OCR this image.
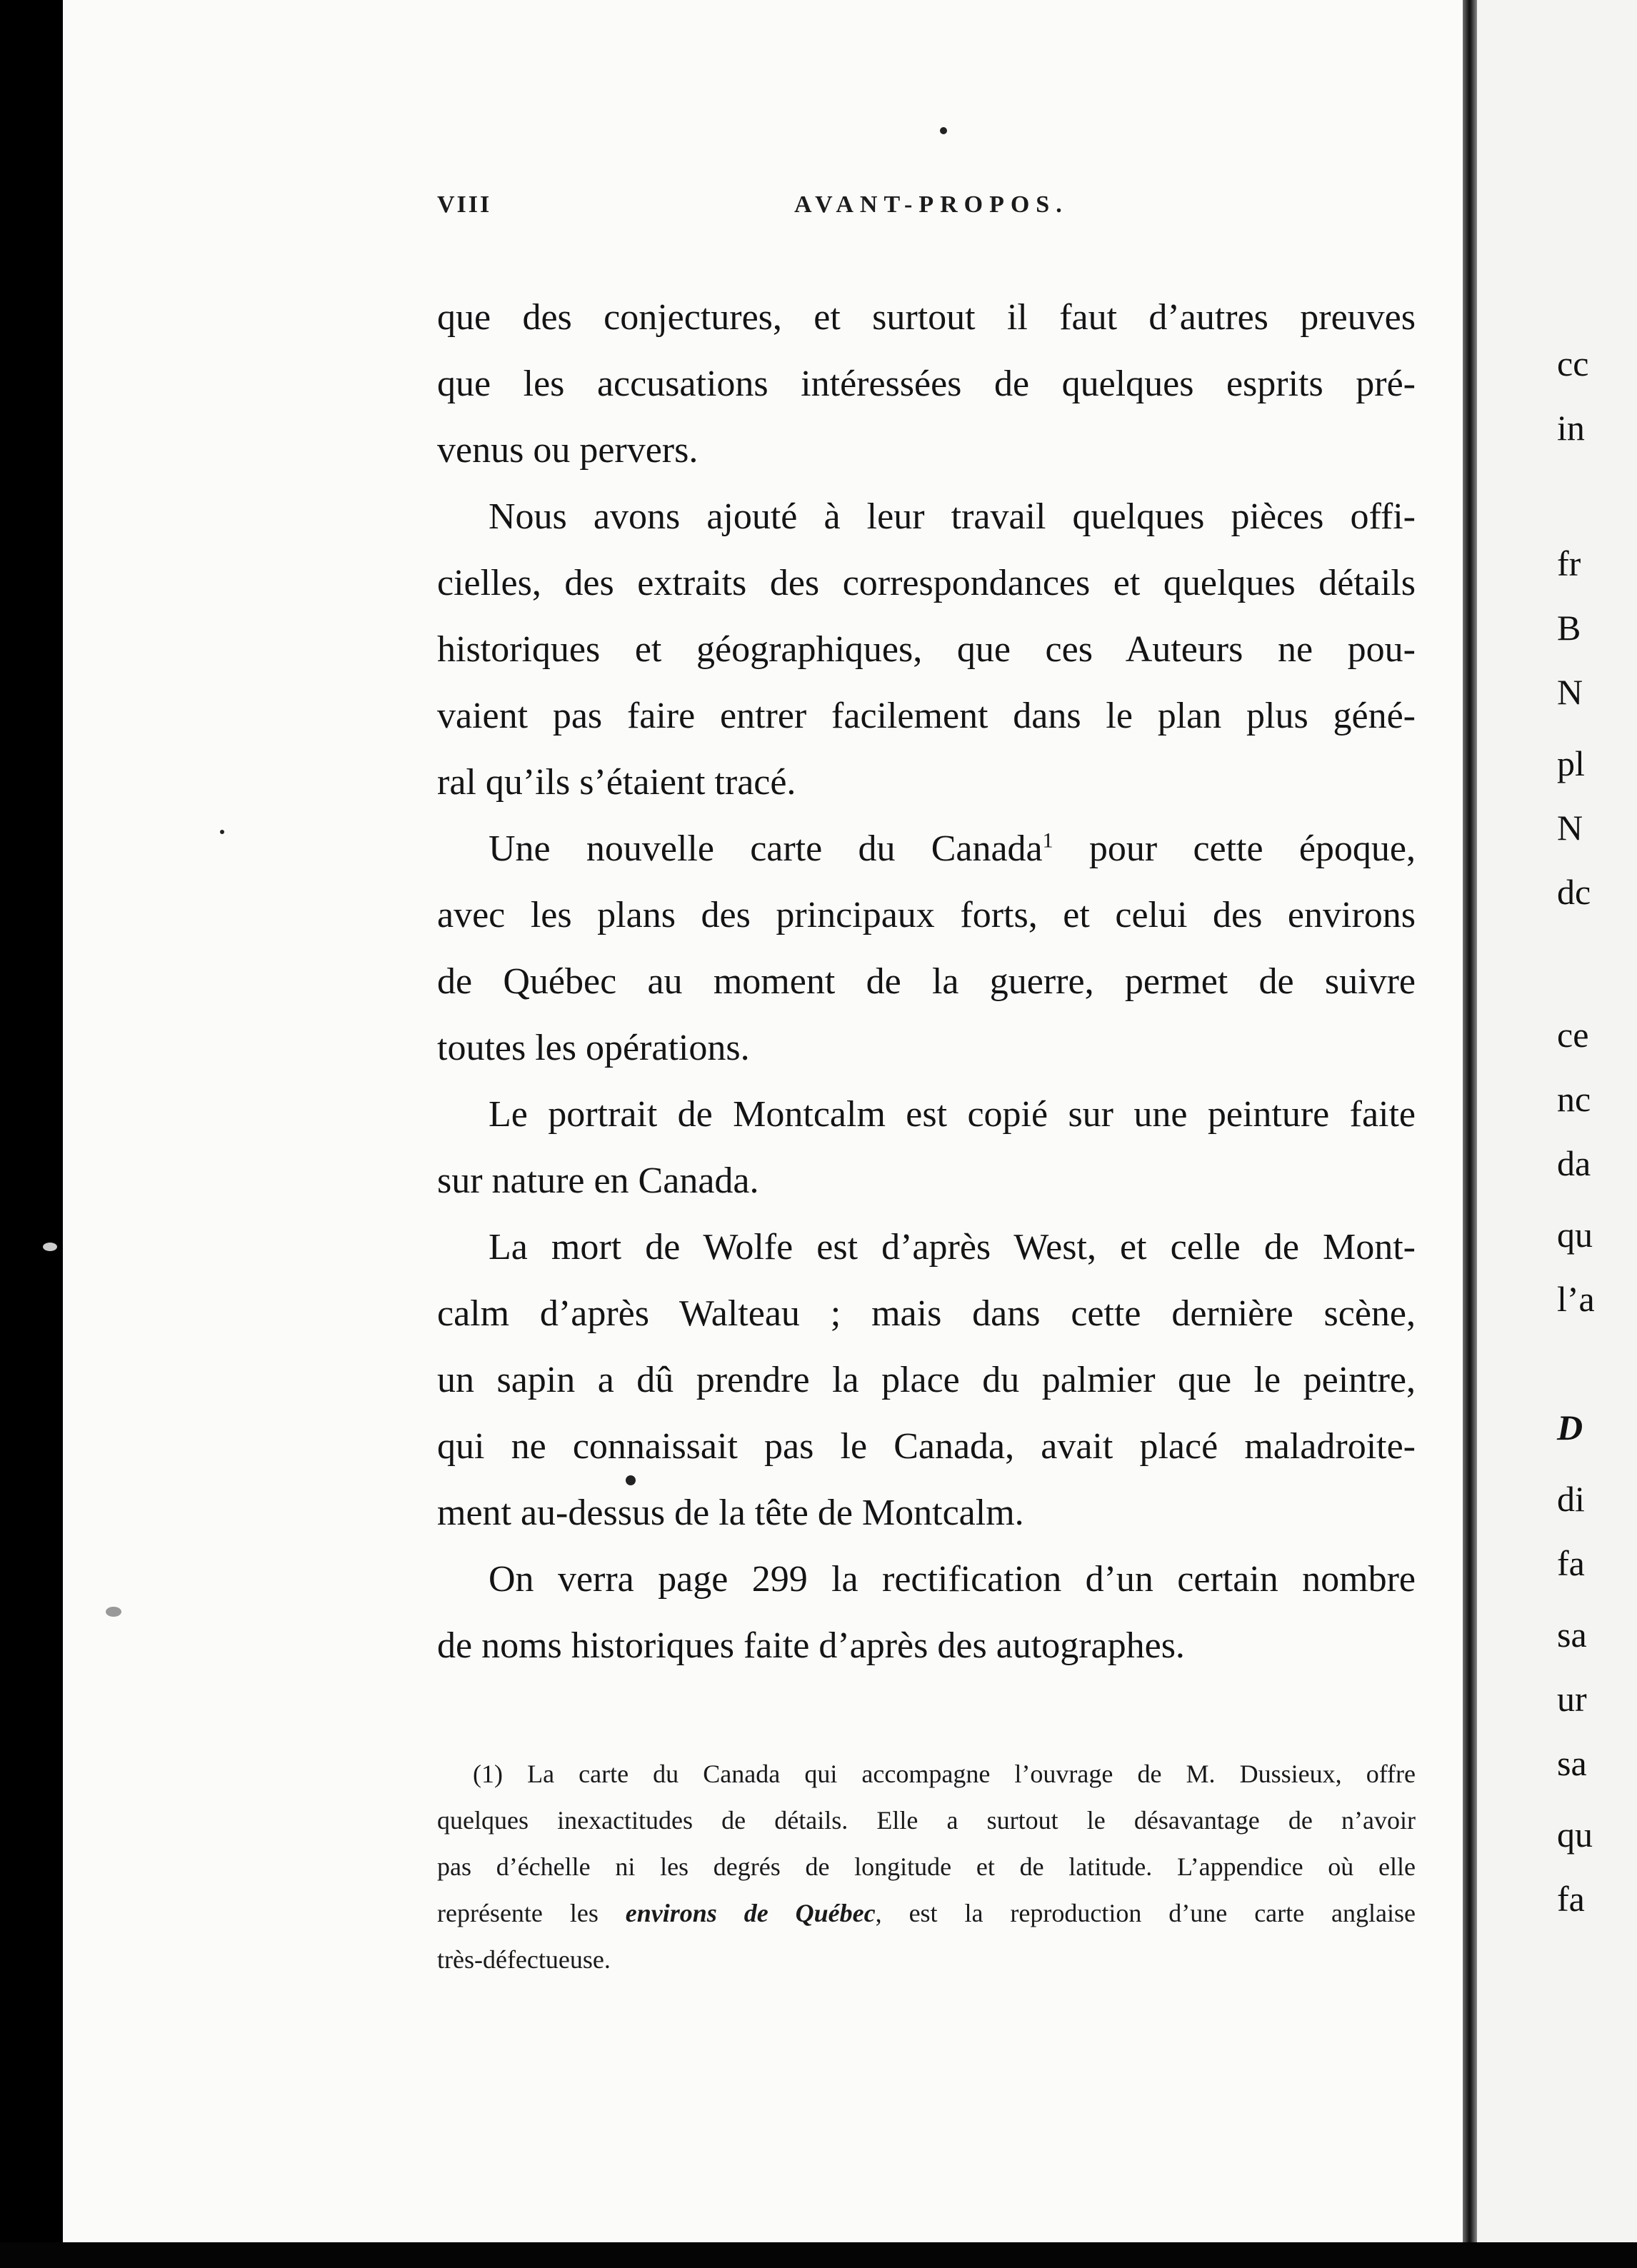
VIII	AVANT-PROPOS.
que des conjectures, et surtout il faut d’autres preuves
que les accusations intéressées de quelques esprits pré-
venus ou pervers.
Nous avons ajouté à leur travail quelques pièces offi-
cielles, des extraits des correspondances et quelques détails
historiques et géographiques, que ces Auteurs ne pou-
vaient pas faire entrer facilement dans le plan plus géné-
ral qu’ils s’étaient tracé.
Une nouvelle carte du Canada$^1$ pour cette époque,
avec les plans des principaux forts, et celui des environs
de Québec au moment de la guerre, permet de suivre
toutes les opérations.
Le portrait de Montcalm est copié sur une peinture faite
sur nature en Canada.
La mort de Wolfe est d’après West, et celle de Mont-
calm d’après Walteau ; mais dans cette dernière scène,
un sapin a dû prendre la place du palmier que le peintre,
qui ne connaissait pas le Canada, avait placé maladroite-
ment au-dessus de la tête de Montcalm.
On verra page 299 la rectification d’un certain nombre
de noms historiques faite d’après des autographes.
(1) La carte du Canada qui accompagne l’ouvrage de M. Dussieux, offre
quelques inexactitudes de détails. Elle a surtout le désavantage de n’avoir
pas d’échelle ni les degrés de longitude et de latitude. L’appendice où elle
représente les environs de Québec, est la reproduction d’une carte anglaise
très-défectueuse.
cc
in
fr
B
N
pl
N
dc
ce
nc
da
qu
l’a
D
di
fa
sa
ur
sa
qu
fa
